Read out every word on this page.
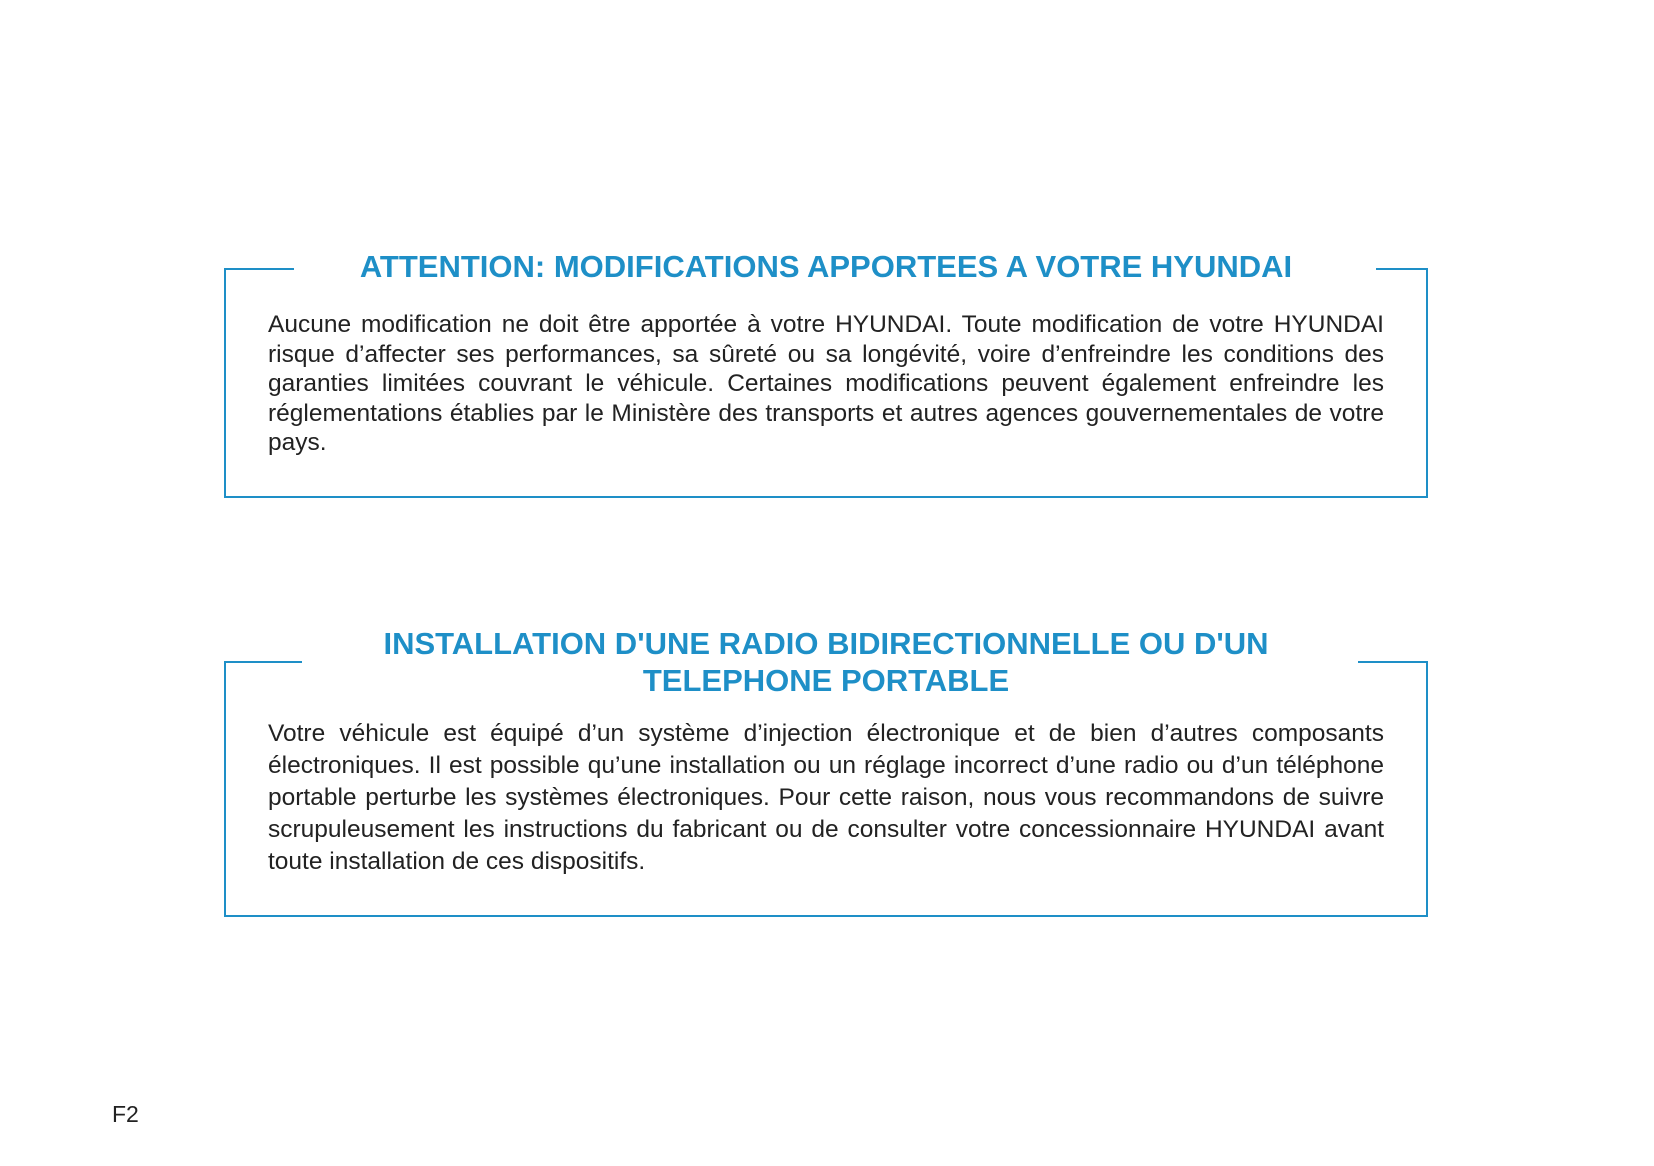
ATTENTION: MODIFICATIONS APPORTEES A VOTRE HYUNDAI

Aucune modification ne doit être apportée à votre HYUNDAI. Toute modification de votre HYUNDAI risque d’affecter ses performances, sa sûreté ou sa longévité, voire d’enfreindre les conditions des garanties limitées couvrant le véhicule. Certaines modifications peuvent également enfreindre les réglementations établies par le Ministère des transports et autres agences gouvernementales de votre pays.

INSTALLATION D'UNE RADIO BIDIRECTIONNELLE OU D'UN TELEPHONE PORTABLE

Votre véhicule est équipé d’un système d’injection électronique et de bien d’autres composants électroniques. Il est possible qu’une installation ou un réglage incorrect d’une radio ou d’un téléphone portable perturbe les systèmes électroniques. Pour cette raison, nous vous recommandons de suivre scrupuleusement les instructions du fabricant ou de consulter votre concessionnaire HYUNDAI avant toute installation de ces dispositifs.

F2
